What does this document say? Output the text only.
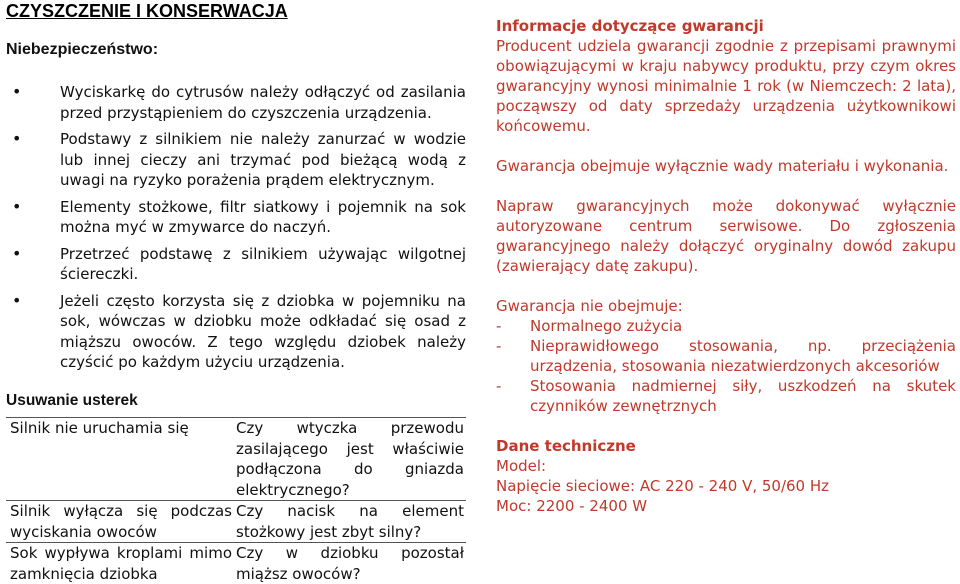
CZYSZCZENIE I KONSERWACJA
Niebezpieczeństwo:
•	Wyciskarkę do cytrusów należy odłączyć od zasilania przed przystąpieniem do czyszczenia urządzenia.
•	Podstawy z silnikiem nie należy zanurzać w wodzie lub innej cieczy ani trzymać pod bieżącą wodą z uwagi na ryzyko porażenia prądem elektrycznym.
•	Elementy stożkowe, filtr siatkowy i pojemnik na sok można myć w zmywarce do naczyń.
•	Przetrzeć podstawę z silnikiem używając wilgotnej ściereczki.
•	Jeżeli często korzysta się z dziobka w pojemniku na sok, wówczas w dziobku może odkładać się osad z miąższu owoców. Z tego względu dziobek należy czyścić po każdym użyciu urządzenia.
Usuwanie usterek
Silnik nie uruchamia się	Czy wtyczka przewodu zasilającego jest właściwie podłączona do gniazda elektrycznego?
Silnik wyłącza się podczas wyciskania owoców	Czy nacisk na element stożkowy jest zbyt silny?
Sok wypływa kroplami mimo zamknięcia dziobka	Czy w dziobku pozostał miąższ owoców?
Informacje dotyczące gwarancji

Producent udziela gwarancji zgodnie z przepisami prawnymi obowiązującymi w kraju nabywcy produktu, przy czym okres gwarancyjny wynosi minimalnie 1 rok (w Niemczech: 2 lata), począwszy od daty sprzedaży urządzenia użytkownikowi końcowemu.

Gwarancja obejmuje wyłącznie wady materiału i wykonania.

Napraw gwarancyjnych może dokonywać wyłącznie autoryzowane centrum serwisowe. Do zgłoszenia gwarancyjnego należy dołączyć oryginalny dowód zakupu (zawierający datę zakupu).

Gwarancja nie obejmuje:
- Normalnego zużycia
- Nieprawidłowego stosowania, np. przeciążenia urządzenia, stosowania niezatwierdzonych akcesoriów
- Stosowania nadmiernej siły, uszkodzeń na skutek czynników zewnętrznych
Dane techniczne
Model:
Napięcie sieciowe: AC 220 - 240 V, 50/60 Hz
Moc: 2200 - 2400 W
